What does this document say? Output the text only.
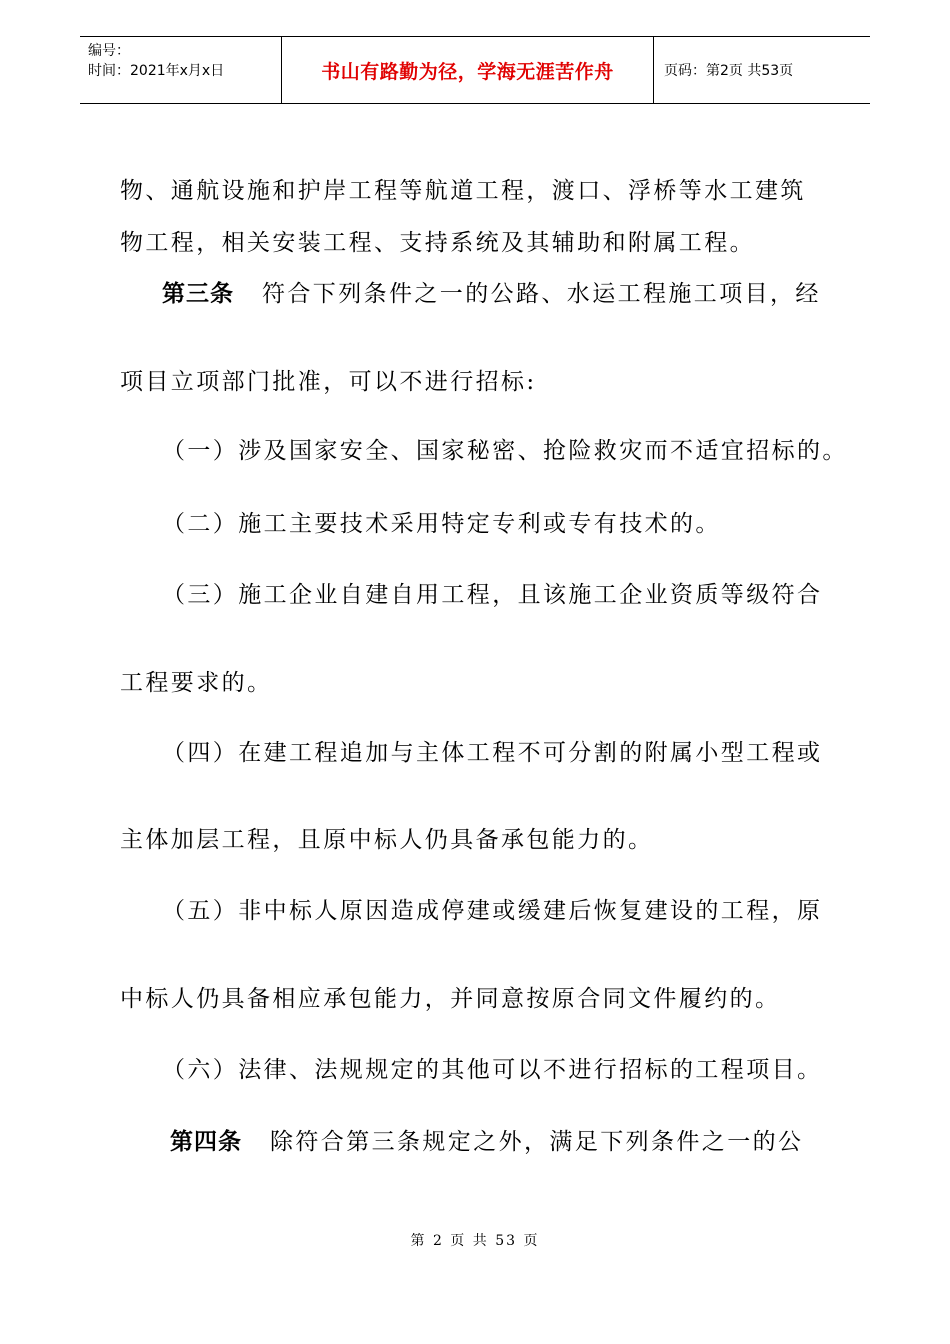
编号：
时间：2021年x月x日	书山有路勤为径，学海无涯苦作舟	页码：第2页 共53页
物、通航设施和护岸工程等航道工程，渡口、浮桥等水工建筑
物工程，相关安装工程、支持系统及其辅助和附属工程。
第三条 符合下列条件之一的公路、水运工程施工项目，经
项目立项部门批准，可以不进行招标:
（一）涉及国家安全、国家秘密、抢险救灾而不适宜招标的。
（二）施工主要技术采用特定专利或专有技术的。
（三）施工企业自建自用工程，且该施工企业资质等级符合
工程要求的。
（四）在建工程追加与主体工程不可分割的附属小型工程或
主体加层工程，且原中标人仍具备承包能力的。
（五）非中标人原因造成停建或缓建后恢复建设的工程，原
中标人仍具备相应承包能力，并同意按原合同文件履约的。
（六）法律、法规规定的其他可以不进行招标的工程项目。
第四条 除符合第三条规定之外，满足下列条件之一的公
第 2 页 共 53 页
